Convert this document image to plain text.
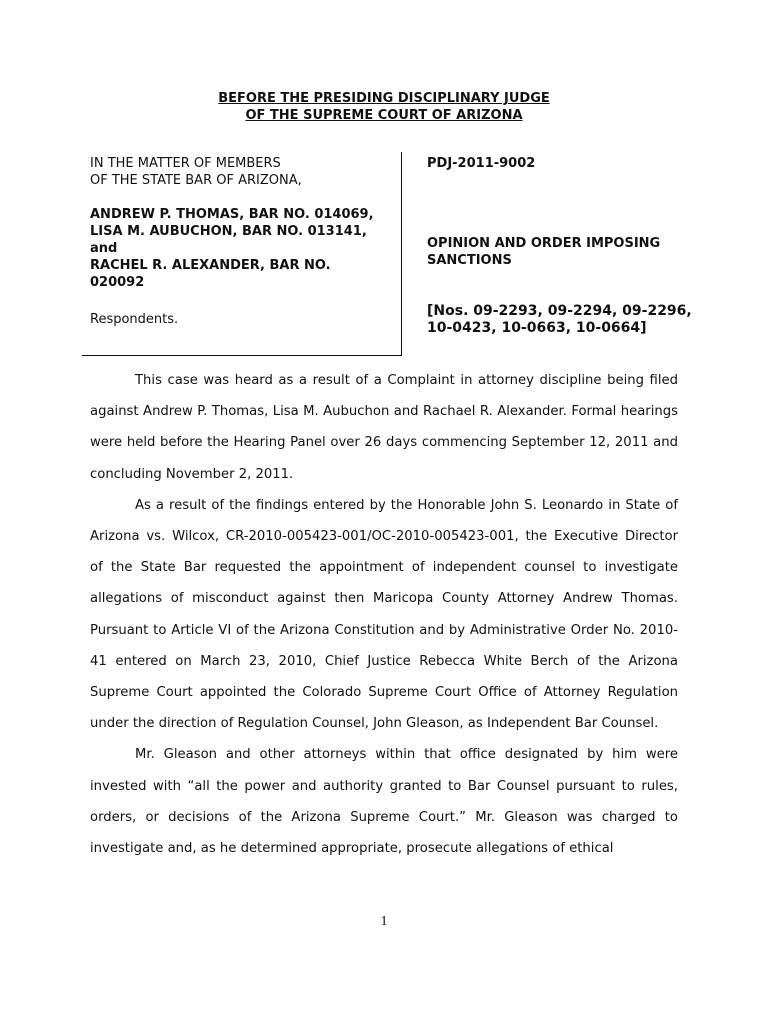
BEFORE THE PRESIDING DISCIPLINARY JUDGE
OF THE SUPREME COURT OF ARIZONA
IN THE MATTER OF MEMBERS
OF THE STATE BAR OF ARIZONA,
ANDREW P. THOMAS, BAR NO. 014069,
LISA M. AUBUCHON, BAR NO. 013141,
and
RACHEL R. ALEXANDER, BAR NO.
020092
Respondents.
PDJ-2011-9002
OPINION AND ORDER IMPOSING SANCTIONS
[Nos. 09-2293, 09-2294, 09-2296, 10-0423, 10-0663, 10-0664]

This case was heard as a result of a Complaint in attorney discipline being filed against Andrew P. Thomas, Lisa M. Aubuchon and Rachael R. Alexander. Formal hearings were held before the Hearing Panel over 26 days commencing September 12, 2011 and concluding November 2, 2011.

As a result of the findings entered by the Honorable John S. Leonardo in State of Arizona vs. Wilcox, CR-2010-005423-001/OC-2010-005423-001, the Executive Director of the State Bar requested the appointment of independent counsel to investigate allegations of misconduct against then Maricopa County Attorney Andrew Thomas. Pursuant to Article VI of the Arizona Constitution and by Administrative Order No. 2010-41 entered on March 23, 2010, Chief Justice Rebecca White Berch of the Arizona Supreme Court appointed the Colorado Supreme Court Office of Attorney Regulation under the direction of Regulation Counsel, John Gleason, as Independent Bar Counsel.

Mr. Gleason and other attorneys within that office designated by him were invested with “all the power and authority granted to Bar Counsel pursuant to rules, orders, or decisions of the Arizona Supreme Court.” Mr. Gleason was charged to investigate and, as he determined appropriate, prosecute allegations of ethical

1
